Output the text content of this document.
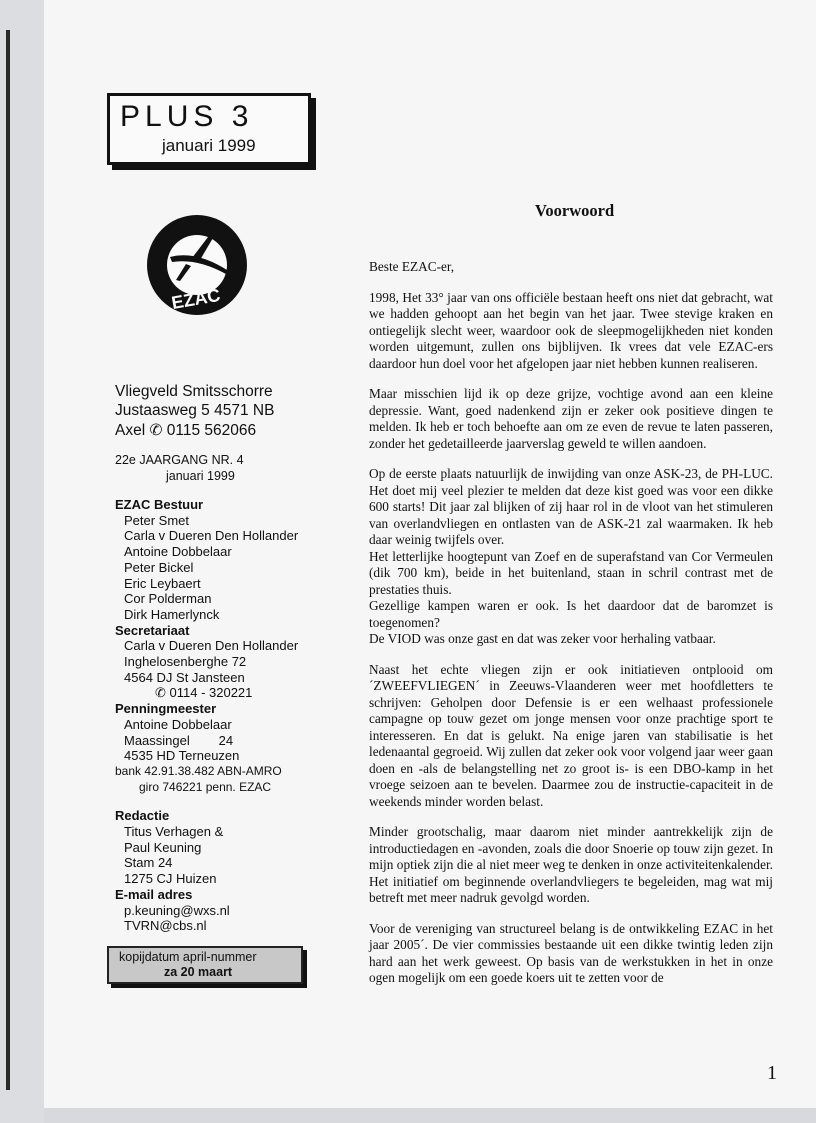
PLUS 3
januari 1999
EZAC
Vliegveld Smitsschorre
Justaasweg 5 4571 NB
Axel ✆ 0115 562066
22e JAARGANG NR. 4
januari 1999
EZAC Bestuur
Peter Smet
Carla v Dueren Den Hollander
Antoine Dobbelaar
Peter Bickel
Eric Leybaert
Cor Polderman
Dirk Hamerlynck
Secretariaat
Carla v Dueren Den Hollander
Inghelosenberghe 72
4564 DJ St Jansteen
✆ 0114 - 320221
Penningmeester
Antoine Dobbelaar
Maassingel        24
4535 HD Terneuzen
bank 42.91.38.482 ABN-AMRO
giro 746221 penn. EZAC
Redactie
Titus Verhagen &
Paul Keuning
Stam 24
1275 CJ Huizen
E-mail adres
p.keuning@wxs.nl
TVRN@cbs.nl
kopijdatum april-nummer
za 20 maart
Voorwoord

Beste EZAC-er,

1998, Het 33° jaar van ons officiële bestaan heeft ons niet dat gebracht, wat we hadden gehoopt aan het begin van het jaar. Twee stevige kraken en ontiegelijk slecht weer, waardoor ook de sleepmogelijkheden niet konden worden uitgemunt, zullen ons bijblijven. Ik vrees dat vele EZAC-ers daardoor hun doel voor het afgelopen jaar niet hebben kunnen realiseren.

Maar misschien lijd ik op deze grijze, vochtige avond aan een kleine depressie. Want, goed nadenkend zijn er zeker ook positieve dingen te melden. Ik heb er toch behoefte aan om ze even de revue te laten passeren, zonder het gedetailleerde jaarverslag geweld te willen aandoen.

Op de eerste plaats natuurlijk de inwijding van onze ASK-23, de PH-LUC. Het doet mij veel plezier te melden dat deze kist goed was voor een dikke 600 starts! Dit jaar zal blijken of zij haar rol in de vloot van het stimuleren van overlandvliegen en ontlasten van de ASK-21 zal waarmaken. Ik heb daar weinig twijfels over.

Het letterlijke hoogtepunt van Zoef en de superafstand van Cor Vermeulen (dik 700 km), beide in het buitenland, staan in schril contrast met de prestaties thuis.

Gezellige kampen waren er ook. Is het daardoor dat de baromzet is toegenomen?

De VIOD was onze gast en dat was zeker voor herhaling vatbaar.

Naast het echte vliegen zijn er ook initiatieven ontplooid om ´ZWEEFVLIEGEN´ in Zeeuws-Vlaanderen weer met hoofdletters te schrijven: Geholpen door Defensie is er een welhaast professionele campagne op touw gezet om jonge mensen voor onze prachtige sport te interesseren. En dat is gelukt. Na enige jaren van stabilisatie is het ledenaantal gegroeid. Wij zullen dat zeker ook voor volgend jaar weer gaan doen en -als de belangstelling net zo groot is- is een DBO-kamp in het vroege seizoen aan te bevelen. Daarmee zou de instructie-capaciteit in de weekends minder worden belast.

Minder grootschalig, maar daarom niet minder aantrekkelijk zijn de introductiedagen en -avonden, zoals die door Snoerie op touw zijn gezet. In mijn optiek zijn die al niet meer weg te denken in onze activiteitenkalender. Het initiatief om beginnende overlandvliegers te begeleiden, mag wat mij betreft met meer nadruk gevolgd worden.

Voor de vereniging van structureel belang is de ontwikkeling EZAC in het jaar 2005´. De vier commissies bestaande uit een dikke twintig leden zijn hard aan het werk geweest. Op basis van de werkstukken in het in onze ogen mogelijk om een goede koers uit te zetten voor de

1
